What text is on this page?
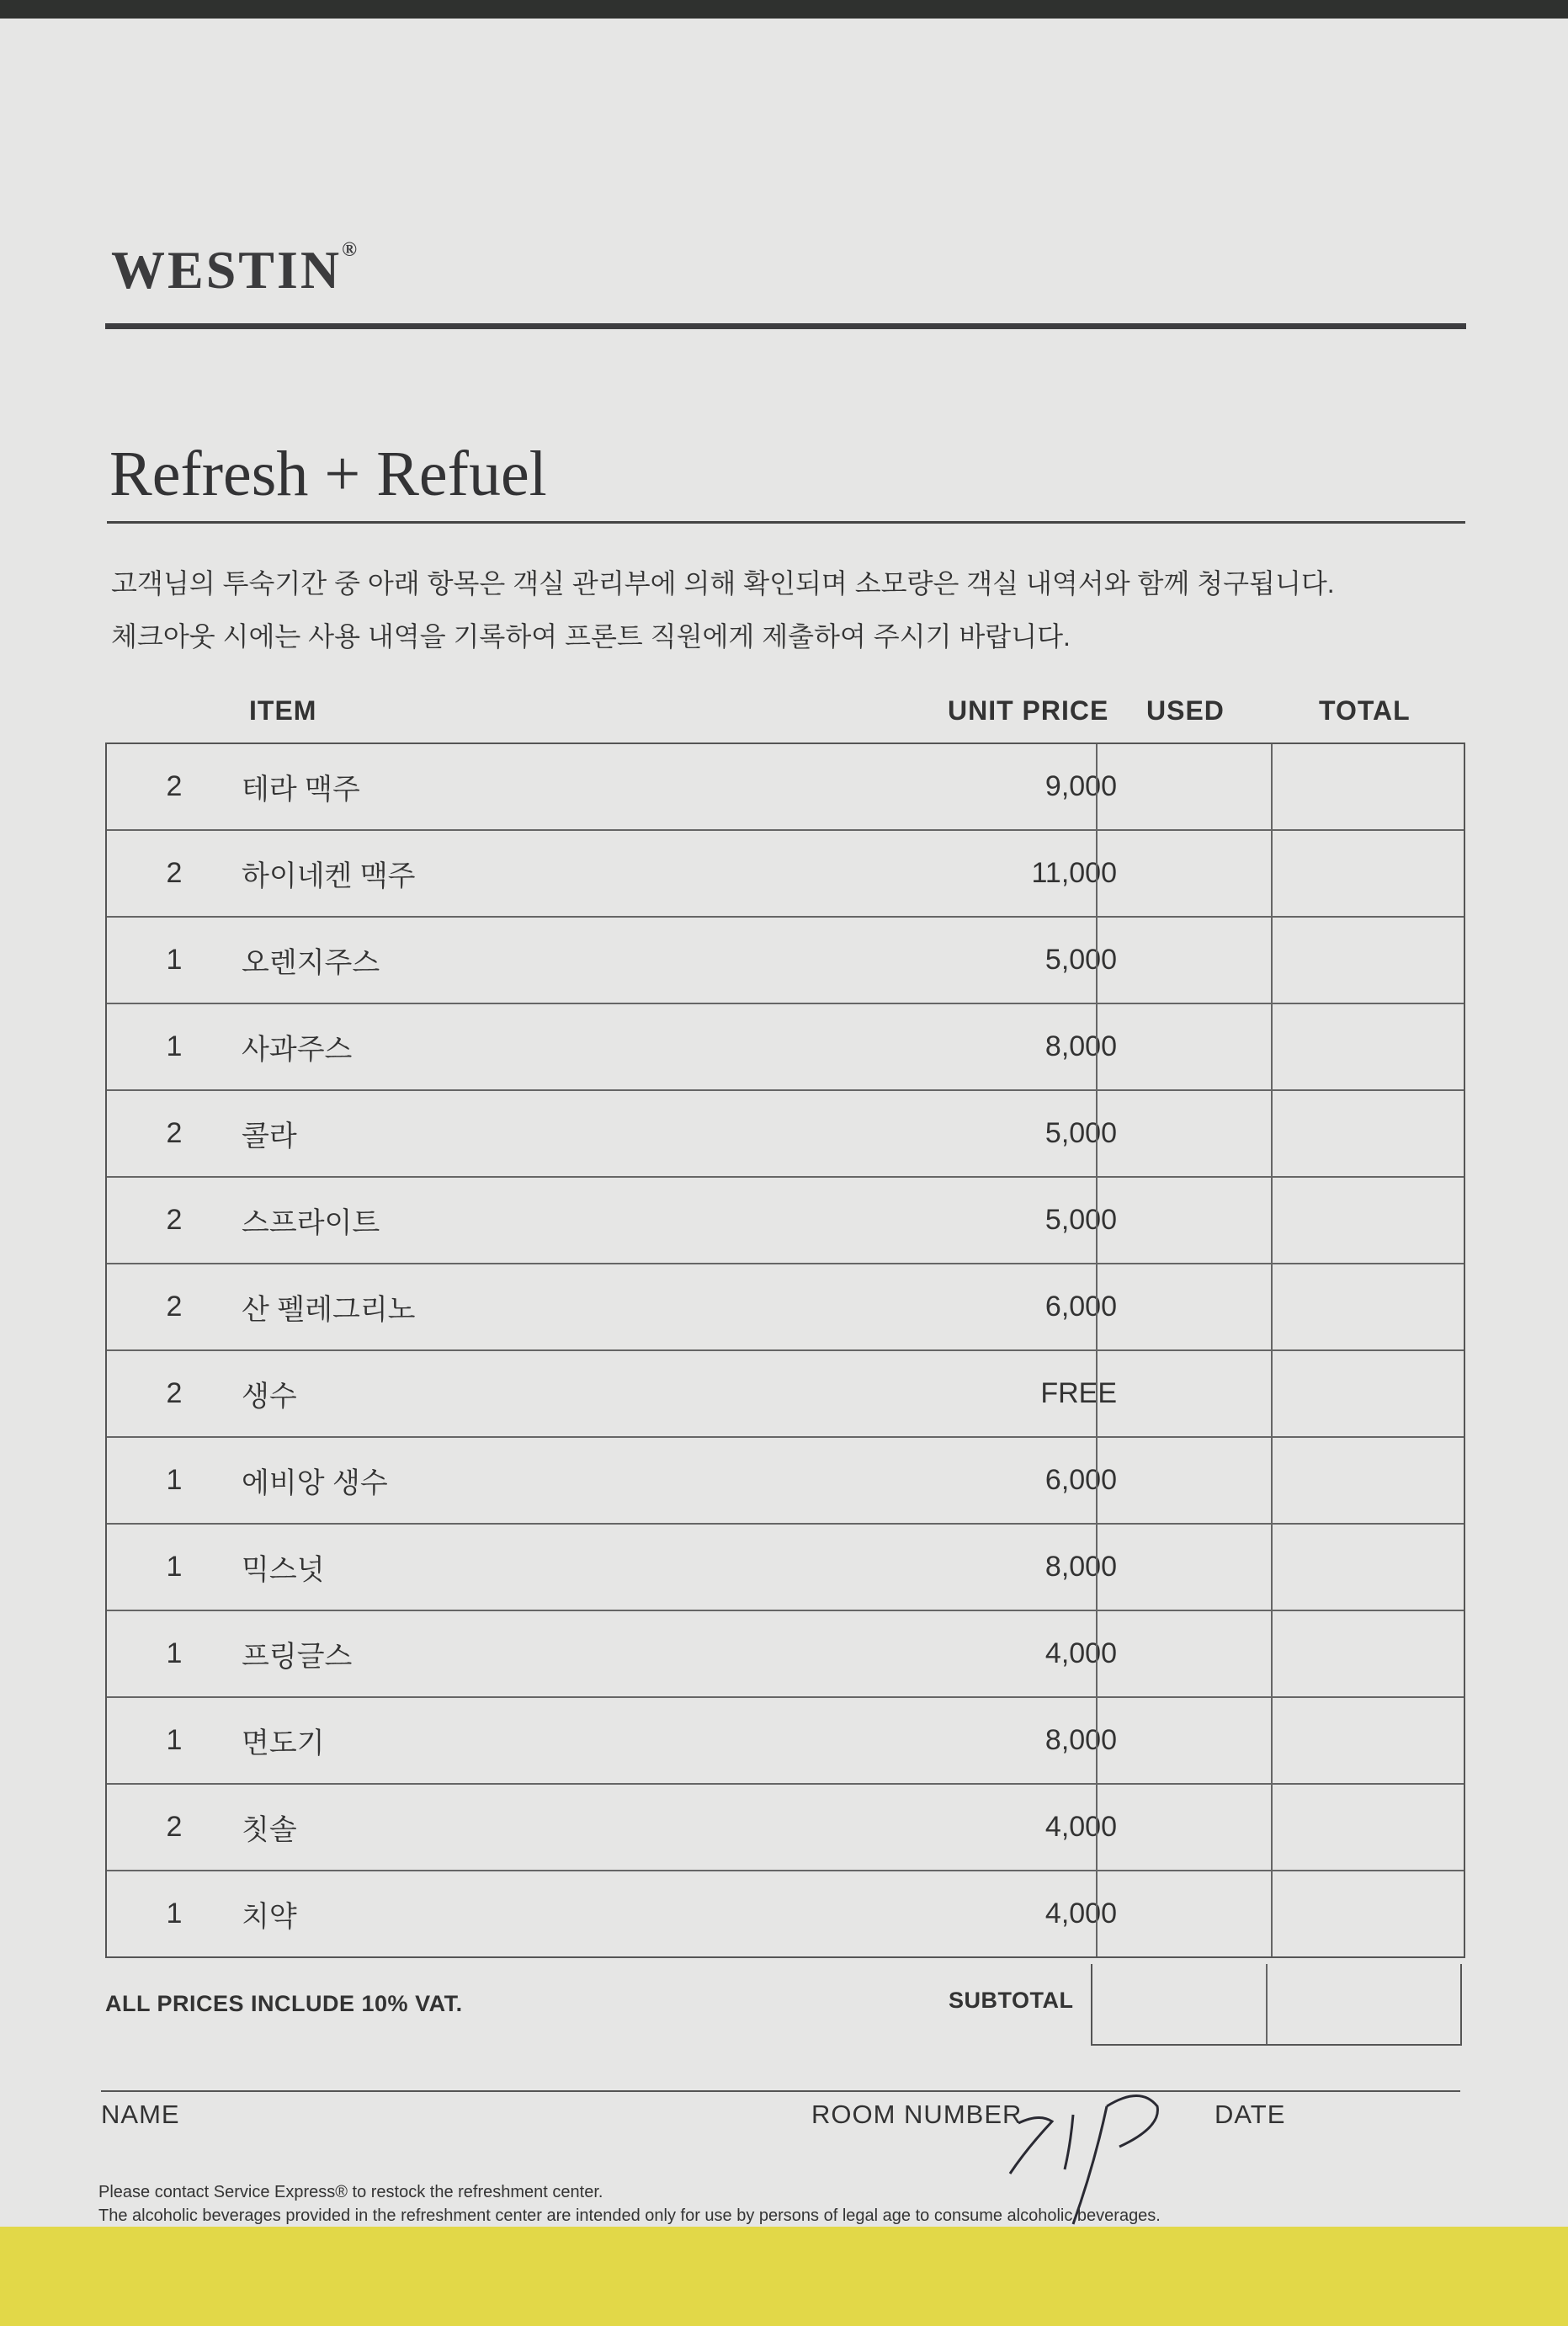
WESTIN®
Refresh + Refuel
고객님의 투숙기간 중 아래 항목은 객실 관리부에 의해 확인되며 소모량은 객실 내역서와 함께 청구됩니다.
체크아웃 시에는 사용 내역을 기록하여 프론트 직원에게 제출하여 주시기 바랍니다.
ITEM	UNIT PRICE USED	TOTAL
2	테라 맥주	9,000
2	하이네켄 맥주	11,000
1	오렌지주스	5,000
1	사과주스	8,000
2	콜라	5,000
2	스프라이트	5,000
2	산 펠레그리노	6,000
2	생수	FREE
1	에비앙 생수	6,000
1	믹스넛	8,000
1	프링글스	4,000
1	면도기	8,000
2	칫솔	4,000
1	치약	4,000
ALL PRICES INCLUDE 10% VAT.	SUBTOTAL
NAME	ROOM NUMBER	DATE
Please contact Service Express® to restock the refreshment center.
The alcoholic beverages provided in the refreshment center are intended only for use by persons of legal age to consume alcoholic beverages.
